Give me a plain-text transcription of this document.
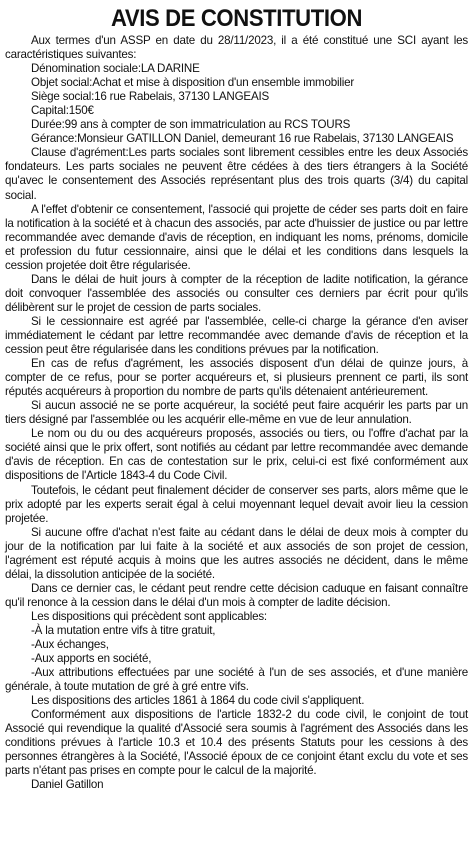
AVIS DE CONSTITUTION

Aux termes d'un ASSP en date du 28/11/2023, il a été constitué une SCI ayant les caractéristiques suivantes:

Dénomination sociale:LA DARINE

Objet social:Achat et mise à disposition d'un ensemble immobilier

Siège social:16 rue Rabelais, 37130 LANGEAIS

Capital:150€

Durée:99 ans à compter de son immatriculation au RCS TOURS

Gérance:Monsieur GATILLON Daniel, demeurant 16 rue Rabelais, 37130 LANGEAIS

Clause d'agrément:Les parts sociales sont librement cessibles entre les deux Associés fondateurs. Les parts sociales ne peuvent être cédées à des tiers étrangers à la Société qu'avec le consentement des Associés représentant plus des trois quarts (3/4) du capital social.

A l'effet d'obtenir ce consentement, l'associé qui projette de céder ses parts doit en faire la notification à la société et à chacun des associés, par acte d'huissier de justice ou par lettre recommandée avec demande d'avis de réception, en indiquant les noms, prénoms, domicile et profession du futur cessionnaire, ainsi que le délai et les conditions dans lesquels la cession projetée doit être régularisée.

Dans le délai de huit jours à compter de la réception de ladite notification, la gérance doit convoquer l'assemblée des associés ou consulter ces derniers par écrit pour qu'ils délibèrent sur le projet de cession de parts sociales.

Si le cessionnaire est agréé par l'assemblée, celle-ci charge la gérance d'en aviser immédiatement le cédant par lettre recommandée avec demande d'avis de réception et la cession peut être régularisée dans les conditions prévues par la notification.

En cas de refus d'agrément, les associés disposent d'un délai de quinze jours, à compter de ce refus, pour se porter acquéreurs et, si plusieurs prennent ce parti, ils sont réputés acquéreurs à proportion du nombre de parts qu'ils détenaient antérieurement.

Si aucun associé ne se porte acquéreur, la société peut faire acquérir les parts par un tiers désigné par l'assemblée ou les acquérir elle-même en vue de leur annulation.

Le nom ou du ou des acquéreurs proposés, associés ou tiers, ou l'offre d'achat par la société ainsi que le prix offert, sont notifiés au cédant par lettre recommandée avec demande d'avis de réception. En cas de contestation sur le prix, celui-ci est fixé conformément aux dispositions de l'Article 1843-4 du Code Civil.

Toutefois, le cédant peut finalement décider de conserver ses parts, alors même que le prix adopté par les experts serait égal à celui moyennant lequel devait avoir lieu la cession projetée.

Si aucune offre d'achat n'est faite au cédant dans le délai de deux mois à compter du jour de la notification par lui faite à la société et aux associés de son projet de cession, l'agrément est réputé acquis à moins que les autres associés ne décident, dans le même délai, la dissolution anticipée de la société.

Dans ce dernier cas, le cédant peut rendre cette décision caduque en faisant connaître qu'il renonce à la cession dans le délai d'un mois à compter de ladite décision.

Les dispositions qui précèdent sont applicables:

-À la mutation entre vifs à titre gratuit,

-Aux échanges,

-Aux apports en société,

-Aux attributions effectuées par une société à l'un de ses associés, et d'une manière générale, à toute mutation de gré à gré entre vifs.

Les dispositions des articles 1861 à 1864 du code civil s'appliquent.

Conformément aux dispositions de l'article 1832-2 du code civil, le conjoint de tout Associé qui revendique la qualité d'Associé sera soumis à l'agrément des Associés dans les conditions prévues à l'article 10.3 et 10.4 des présents Statuts pour les cessions à des personnes étrangères à la Société, l'Associé époux de ce conjoint étant exclu du vote et ses parts n'étant pas prises en compte pour le calcul de la majorité.

Daniel Gatillon
